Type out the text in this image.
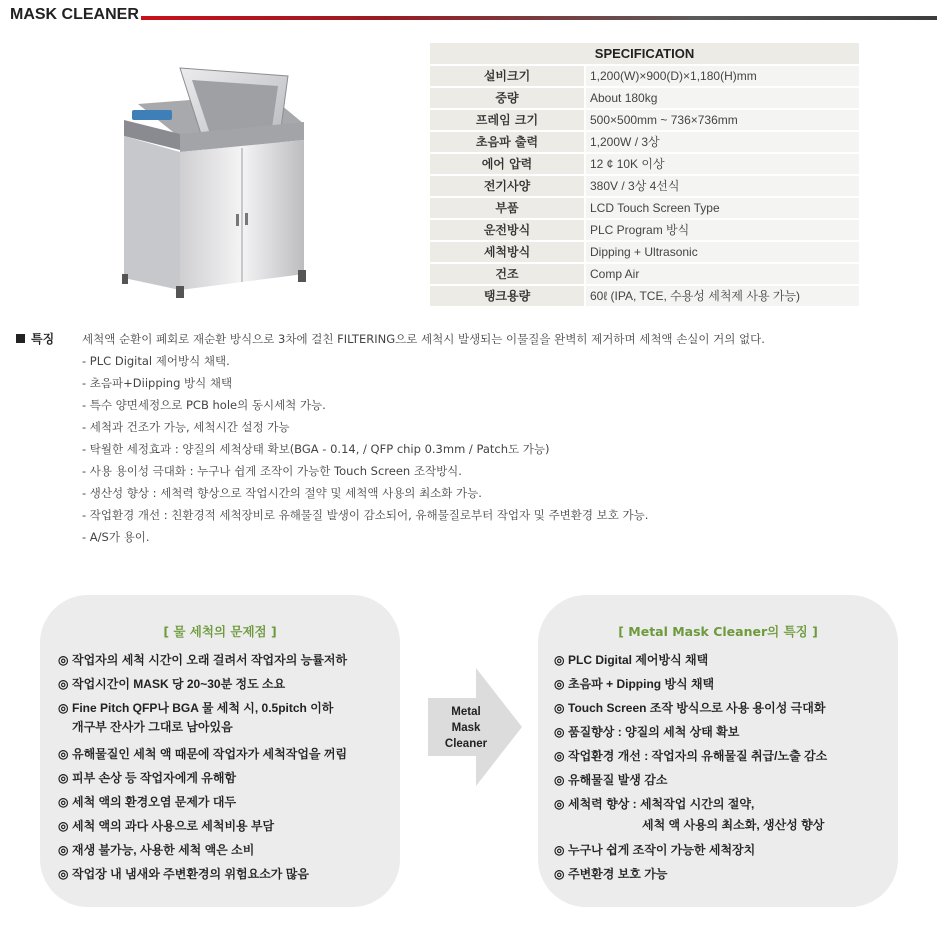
MASK CLEANER
SPECIFICATION
설비크기	1,200(W)×900(D)×1,180(H)mm
중량	About 180kg
프레임 크기	500×500mm ~ 736×736mm
초음파 출력	1,200W / 3상
에어 압력	12 ¢ 10K 이상
전기사양	380V / 3상 4선식
부품	LCD Touch Screen Type
운전방식	PLC Program 방식
세척방식	Dipping + Ultrasonic
건조	Comp Air
탱크용량	60ℓ (IPA, TCE, 수용성 세척제 사용 가능)
특징 세척액 순환이 폐회로 재순환 방식으로 3차에 걸친 FILTERING으로 세척시 발생되는 이물질을 완벽히 제거하며 세척액 손실이 거의 없다.
- PLC Digital 제어방식 채택.
- 초음파+Diipping 방식 채택
- 특수 양면세정으로 PCB hole의 동시세척 가능.
- 세척과 건조가 가능, 세척시간 설정 가능
- 탁월한 세정효과 : 양질의 세척상태 확보(BGA - 0.14, / QFP chip 0.3mm / Patch도 가능)
- 사용 용이성 극대화 : 누구나 쉽게 조작이 가능한 Touch Screen 조작방식.
- 생산성 향상 : 세척력 향상으로 작업시간의 절약 및 세척액 사용의 최소화 가능.
- 작업환경 개선 : 친환경적 세척장비로 유해물질 발생이 감소되어, 유해물질로부터 작업자 및 주변환경 보호 가능.
- A/S가 용이.
[ 물 세척의 문제점 ]
◎ 작업자의 세척 시간이 오래 걸려서 작업자의 능률저하
◎ 작업시간이 MASK 당 20~30분 정도 소요
◎ Fine Pitch QFP나 BGA 물 세척 시, 0.5pitch 이하
개구부 잔사가 그대로 남아있음
◎ 유해물질인 세척 액 때문에 작업자가 세척작업을 꺼림
◎ 피부 손상 등 작업자에게 유해함
◎ 세척 액의 환경오염 문제가 대두
◎ 세척 액의 과다 사용으로 세척비용 부담
◎ 재생 불가능, 사용한 세척 액은 소비
◎ 작업장 내 냄새와 주변환경의 위험요소가 많음
Metal
Mask
Cleaner
[ Metal Mask Cleaner의 특징 ]
◎ PLC Digital 제어방식 채택
◎ 초음파 + Dipping 방식 채택
◎ Touch Screen 조작 방식으로 사용 용이성 극대화
◎ 품질향상 : 양질의 세척 상태 확보
◎ 작업환경 개선 : 작업자의 유해물질 취급/노출 감소
◎ 유해물질 발생 감소
◎ 세척력 향상 : 세척작업 시간의 절약,
세척 액 사용의 최소화, 생산성 향상
◎ 누구나 쉽게 조작이 가능한 세척장치
◎ 주변환경 보호 가능
